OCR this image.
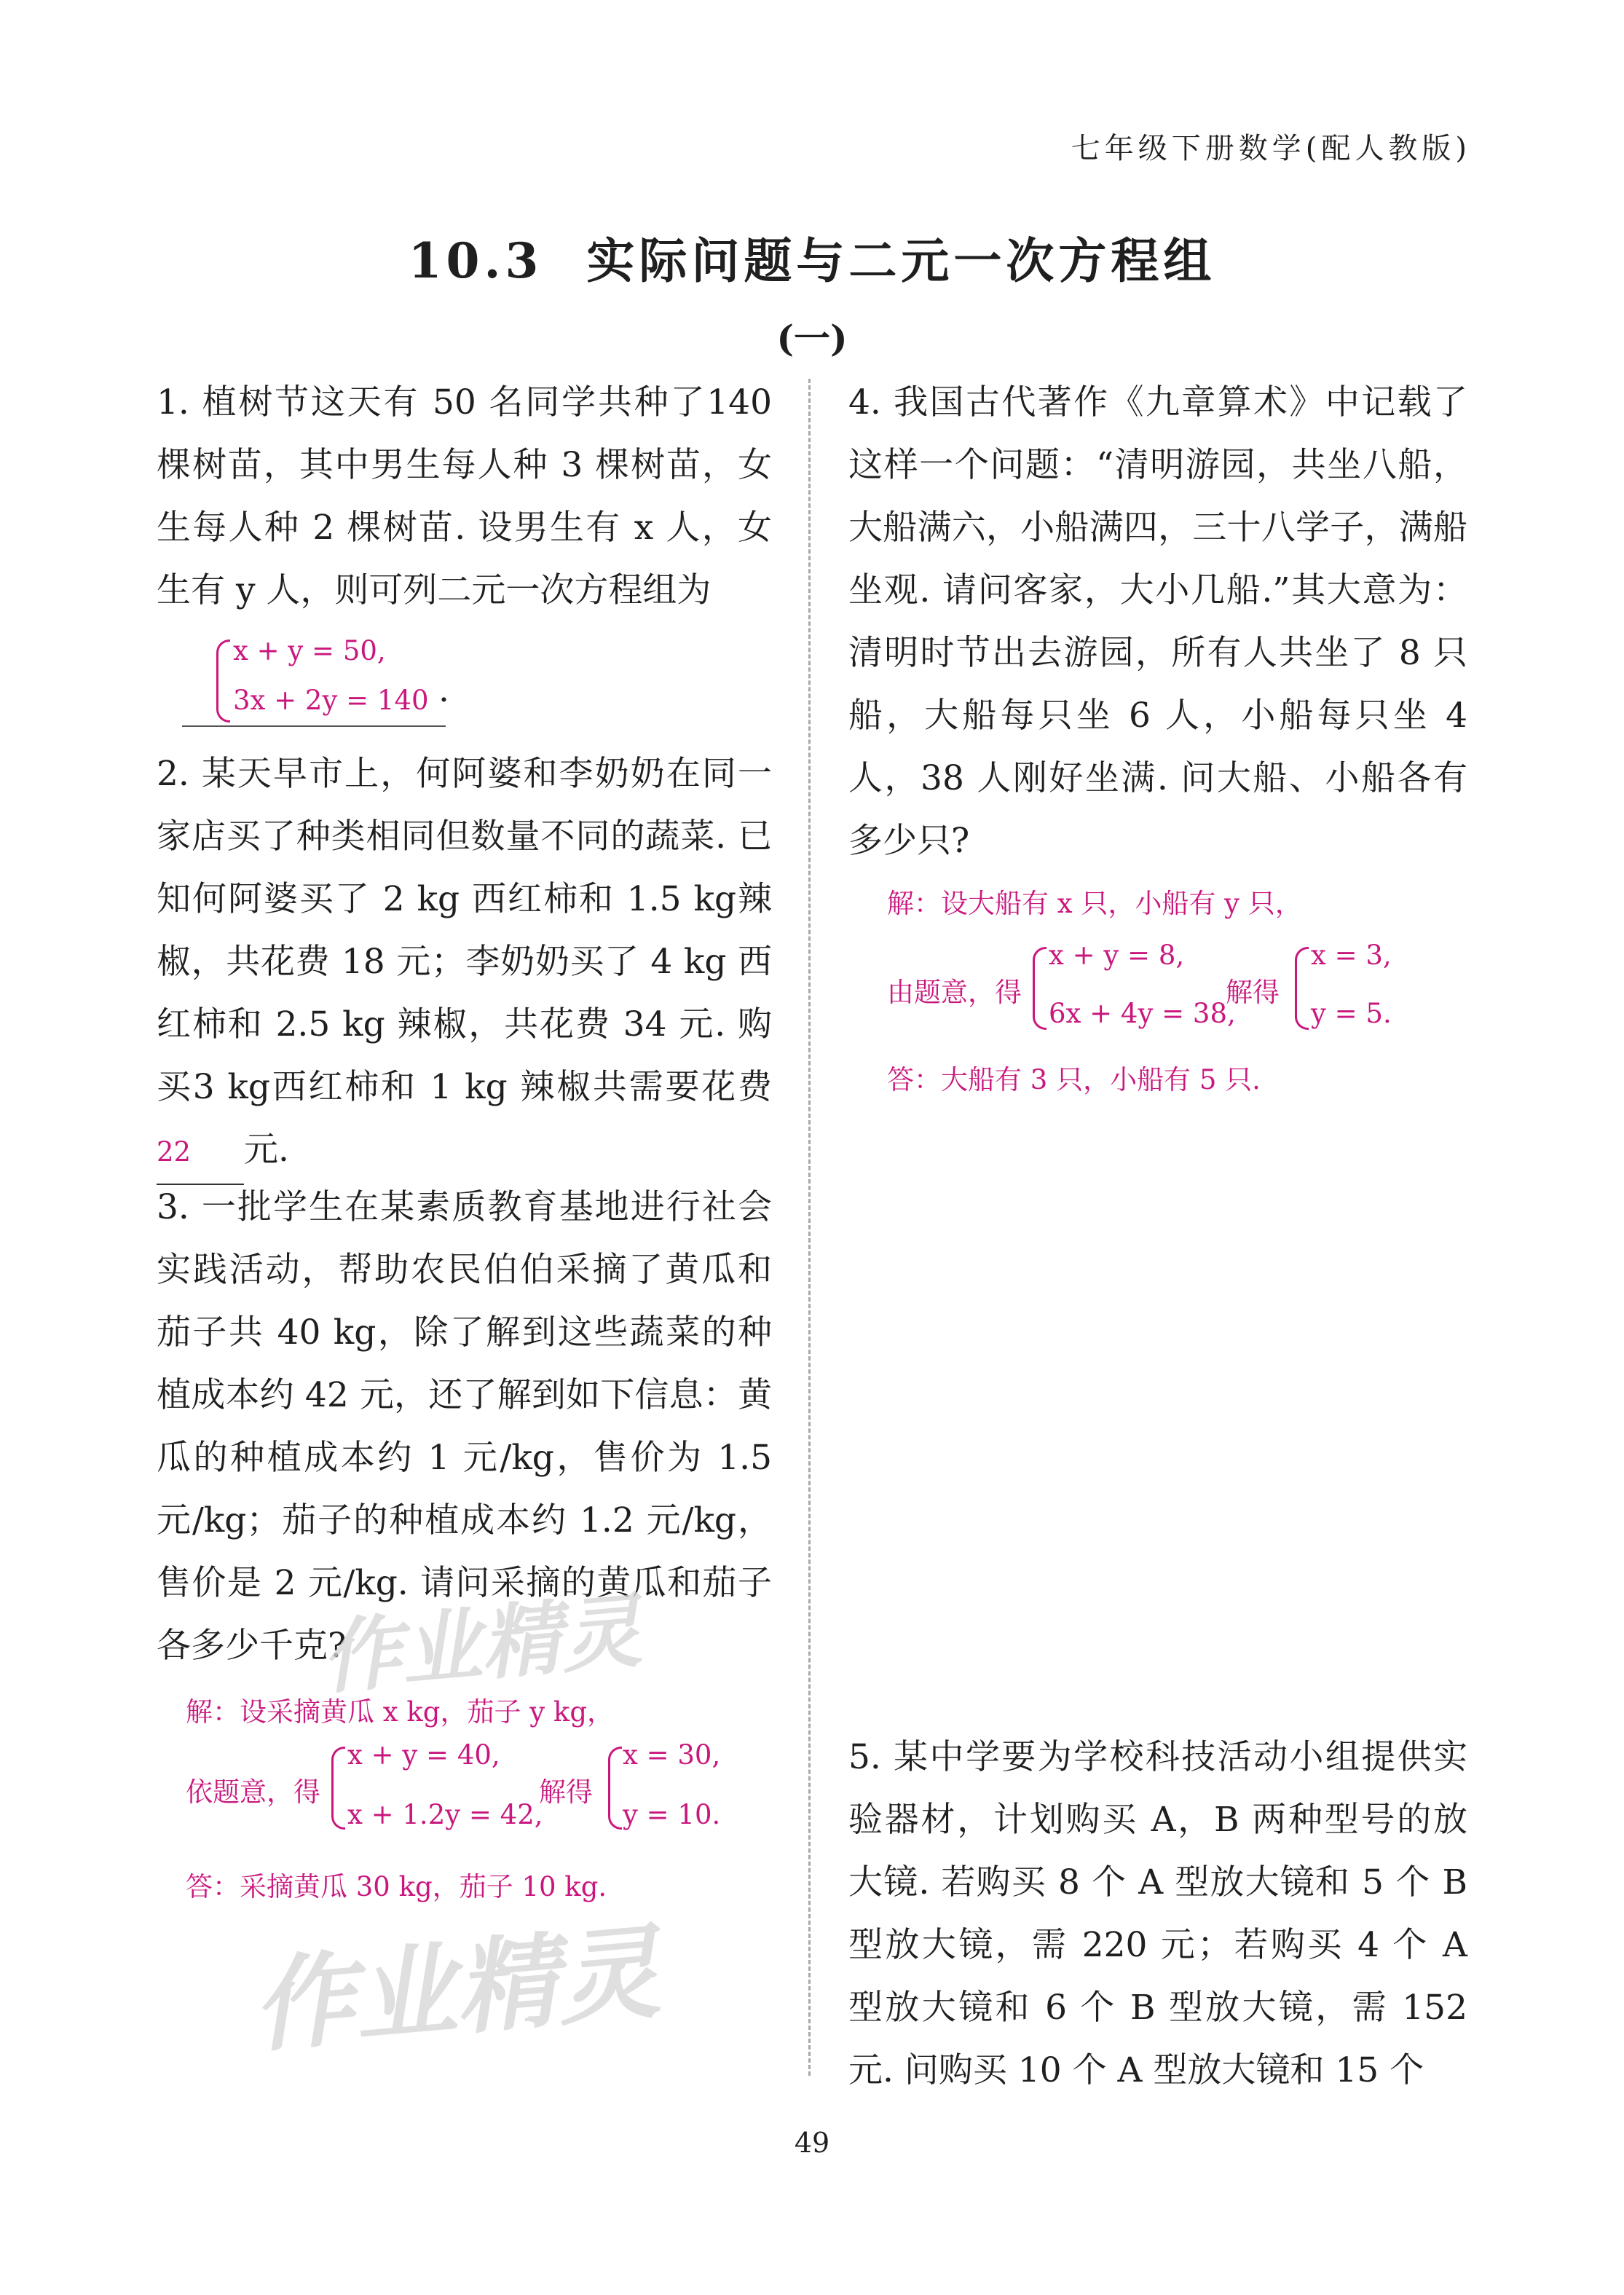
七年级下册数学(配人教版)
10.3 实际问题与二元一次方程组
(一)
1. 植树节这天有 50 名同学共种了140 棵树苗，其中男生每人种 3 棵树苗，女生每人种 2 棵树苗. 设男生有 x 人，女生有 y 人，则可列二元一次方程组为
x + y = 50,
3x + 2y = 140 .
2. 某天早市上，何阿婆和李奶奶在同一家店买了种类相同但数量不同的蔬菜. 已知何阿婆买了 2 kg 西红柿和 1.5 kg辣椒，共花费 18 元；李奶奶买了 4 kg 西红柿和 2.5 kg 辣椒，共花费 34 元. 购买3 kg西红柿和 1 kg 辣椒共需要花费22 元.
3. 一批学生在某素质教育基地进行社会实践活动，帮助农民伯伯采摘了黄瓜和茄子共 40 kg，除了解到这些蔬菜的种植成本约 42 元，还了解到如下信息：黄瓜的种植成本约 1 元/kg，售价为 1.5 元/kg；茄子的种植成本约 1.2 元/kg，售价是 2 元/kg. 请问采摘的黄瓜和茄子各多少千克?
解：设采摘黄瓜 x kg，茄子 y kg，
依题意，得
x + y = 40,
x + 1.2y = 42,
解得
x = 30,
y = 10.
答：采摘黄瓜 30 kg，茄子 10 kg.
4. 我国古代著作《九章算术》中记载了这样一个问题：“清明游园，共坐八船，大船满六，小船满四，三十八学子，满船坐观. 请问客家，大小几船.”其大意为：清明时节出去游园，所有人共坐了 8 只船，大船每只坐 6 人，小船每只坐 4 人，38 人刚好坐满. 问大船、小船各有多少只?
解：设大船有 x 只，小船有 y 只，
由题意，得
x + y = 8,
6x + 4y = 38,
解得
x = 3,
y = 5.
答：大船有 3 只，小船有 5 只.
5. 某中学要为学校科技活动小组提供实验器材，计划购买 A，B 两种型号的放大镜. 若购买 8 个 A 型放大镜和 5 个 B 型放大镜，需 220 元；若购买 4 个 A 型放大镜和 6 个 B 型放大镜，需 152 元. 问购买 10 个 A 型放大镜和 15 个
作业精灵
作业精灵
49
